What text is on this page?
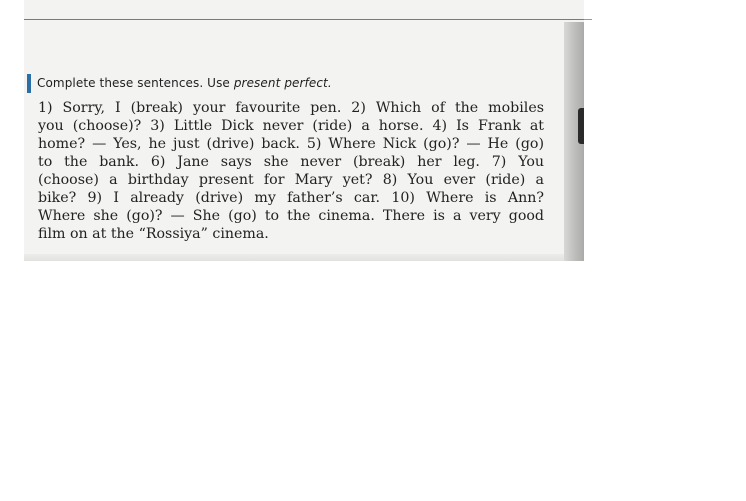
Complete these sentences. Use present perfect.

1) Sorry, I (break) your favourite pen. 2) Which of the mobiles
you (choose)? 3) Little Dick never (ride) a horse. 4) Is Frank at
home? — Yes, he just (drive) back. 5) Where Nick (go)? — He (go)
to the bank. 6) Jane says she never (break) her leg. 7) You
(choose) a birthday present for Mary yet? 8) You ever (ride) a
bike? 9) I already (drive) my father’s car. 10) Where is Ann?
Where she (go)? — She (go) to the cinema. There is a very good
film on at the “Rossiya” cinema.
